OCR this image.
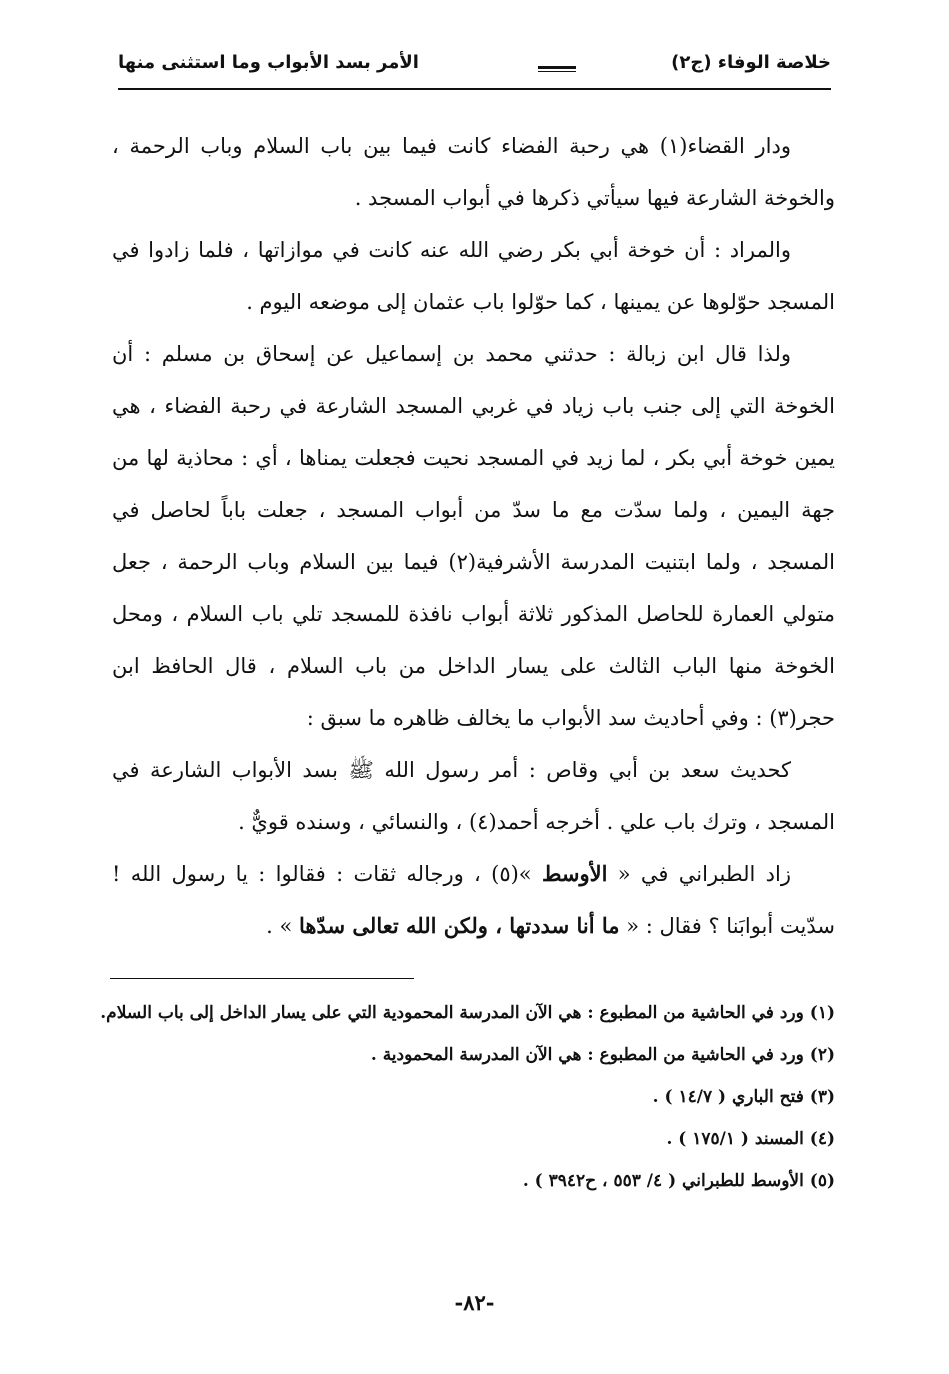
خلاصة الوفاء (ج٢)
الأمر بسد الأبواب وما استثنى منها

ودار القضاء(١) هي رحبة الفضاء كانت فيما بين باب السلام وباب الرحمة ، والخوخة الشارعة فيها سيأتي ذكرها في أبواب المسجد .

والمراد : أن خوخة أبي بكر رضي الله عنه كانت في موازاتها ، فلما زادوا في المسجد حوّلوها عن يمينها ، كما حوّلوا باب عثمان إلى موضعه اليوم .

ولذا قال ابن زبالة : حدثني محمد بن إسماعيل عن إسحاق بن مسلم : أن الخوخة التي إلى جنب باب زياد في غربي المسجد الشارعة في رحبة الفضاء ، هي يمين خوخة أبي بكر ، لما زيد في المسجد نحيت فجعلت يمناها ، أي : محاذية لها من جهة اليمين ، ولما سدّت مع ما سدّ من أبواب المسجد ، جعلت باباً لحاصل في المسجد ، ولما ابتنيت المدرسة الأشرفية(٢) فيما بين السلام وباب الرحمة ، جعل متولي العمارة للحاصل المذكور ثلاثة أبواب نافذة للمسجد تلي باب السلام ، ومحل الخوخة منها الباب الثالث على يسار الداخل من باب السلام ، قال الحافظ ابن حجر(٣) : وفي أحاديث سد الأبواب ما يخالف ظاهره ما سبق :

كحديث سعد بن أبي وقاص : أمر رسول الله ﷺ بسد الأبواب الشارعة في المسجد ، وترك باب علي . أخرجه أحمد(٤) ، والنسائي ، وسنده قويٌّ .

زاد الطبراني في « الأوسط »(٥) ، ورجاله ثقات : فقالوا : يا رسول الله ! سدّيت أبوابَنا ؟ فقال : « ما أنا سددتها ، ولكن الله تعالى سدّها » .

(١) ورد في الحاشية من المطبوع : هي الآن المدرسة المحمودية التي على يسار الداخل إلى باب السلام.

(٢) ورد في الحاشية من المطبوع : هي الآن المدرسة المحمودية .

(٣) فتح الباري ( ١٤/٧ ) .

(٤) المسند ( ١٧٥/١ ) .

(٥) الأوسط للطبراني ( ٤/ ٥٥٣ ، ح٣٩٤٢ ) .

-٨٢-
